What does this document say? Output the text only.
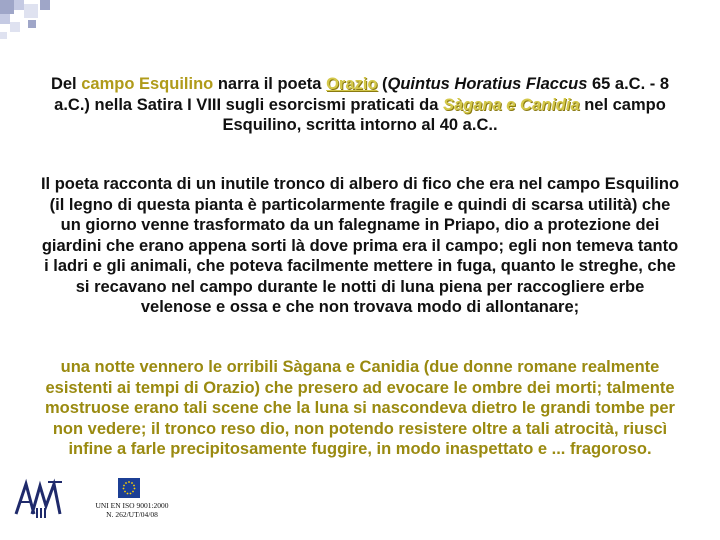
Del campo Esquilino narra il poeta Orazio (Quintus Horatius Flaccus 65 a.C. - 8 a.C.) nella Satira I VIII sugli esorcismi praticati da Sàgana e Canidia nel campo Esquilino, scritta intorno al 40 a.C..
Il poeta racconta di un inutile tronco di albero di fico che era nel campo Esquilino (il legno di questa pianta è particolarmente fragile e quindi di scarsa utilità) che un giorno venne trasformato da un falegname in Priapo, dio a protezione dei giardini che erano appena sorti là dove prima era il campo; egli non temeva tanto i ladri e gli animali, che poteva facilmente mettere in fuga, quanto le streghe, che si recavano nel campo durante le notti di luna piena per raccogliere erbe velenose e ossa e che non trovava modo di allontanare;
una notte vennero le orribili Sàgana e Canidia (due donne romane realmente esistenti ai tempi di Orazio) che presero ad evocare le ombre dei morti; talmente mostruose erano tali scene che la luna si nascondeva dietro le grandi tombe per non vedere; il tronco reso dio, non potendo resistere oltre a tali atrocità, riuscì infine a farle precipitosamente fuggire, in modo inaspettato e ... fragoroso.
UNI EN ISO 9001:2000
N. 262/UT/04/08
